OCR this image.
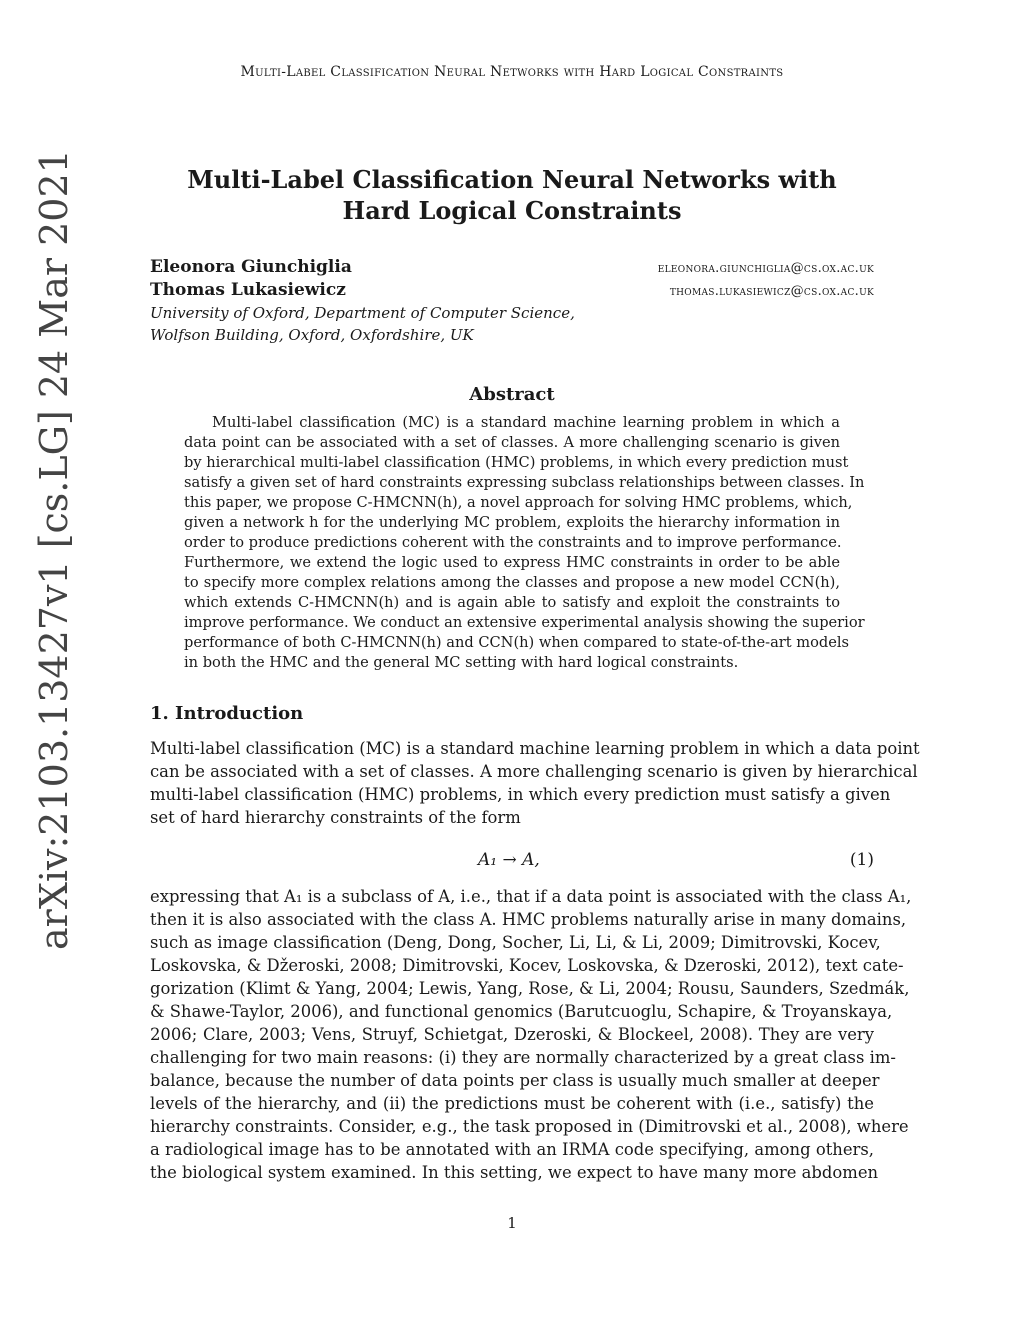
Multi-Label Classification Neural Networks with Hard Logical Constraints
arXiv:2103.13427v1 [cs.LG] 24 Mar 2021	Multi-Label Classification Neural Networks with
Hard Logical Constraints
Eleonora Giunchiglia	eleonora.giunchiglia@cs.ox.ac.uk
Thomas Lukasiewicz	thomas.lukasiewicz@cs.ox.ac.uk
University of Oxford, Department of Computer Science,
Wolfson Building, Oxford, Oxfordshire, UK
Abstract
Multi-label classification (MC) is a standard machine learning problem in which a
data point can be associated with a set of classes. A more challenging scenario is given
by hierarchical multi-label classification (HMC) problems, in which every prediction must
satisfy a given set of hard constraints expressing subclass relationships between classes. In
this paper, we propose C-HMCNN(h), a novel approach for solving HMC problems, which,
given a network h for the underlying MC problem, exploits the hierarchy information in
order to produce predictions coherent with the constraints and to improve performance.
Furthermore, we extend the logic used to express HMC constraints in order to be able
to specify more complex relations among the classes and propose a new model CCN(h),
which extends C-HMCNN(h) and is again able to satisfy and exploit the constraints to
improve performance. We conduct an extensive experimental analysis showing the superior
performance of both C-HMCNN(h) and CCN(h) when compared to state-of-the-art models
in both the HMC and the general MC setting with hard logical constraints.
1. Introduction
Multi-label classification (MC) is a standard machine learning problem in which a data point
can be associated with a set of classes. A more challenging scenario is given by hierarchical
multi-label classification (HMC) problems, in which every prediction must satisfy a given
set of hard hierarchy constraints of the form
A₁ → A,	(1)
expressing that A₁ is a subclass of A, i.e., that if a data point is associated with the class A₁,
then it is also associated with the class A. HMC problems naturally arise in many domains,
such as image classification (Deng, Dong, Socher, Li, Li, & Li, 2009; Dimitrovski, Kocev,
Loskovska, & Džeroski, 2008; Dimitrovski, Kocev, Loskovska, & Dzeroski, 2012), text cate-
gorization (Klimt & Yang, 2004; Lewis, Yang, Rose, & Li, 2004; Rousu, Saunders, Szedmák,
& Shawe-Taylor, 2006), and functional genomics (Barutcuoglu, Schapire, & Troyanskaya,
2006; Clare, 2003; Vens, Struyf, Schietgat, Dzeroski, & Blockeel, 2008). They are very
challenging for two main reasons: (i) they are normally characterized by a great class im-
balance, because the number of data points per class is usually much smaller at deeper
levels of the hierarchy, and (ii) the predictions must be coherent with (i.e., satisfy) the
hierarchy constraints. Consider, e.g., the task proposed in (Dimitrovski et al., 2008), where
a radiological image has to be annotated with an IRMA code specifying, among others,
the biological system examined. In this setting, we expect to have many more abdomen
1
